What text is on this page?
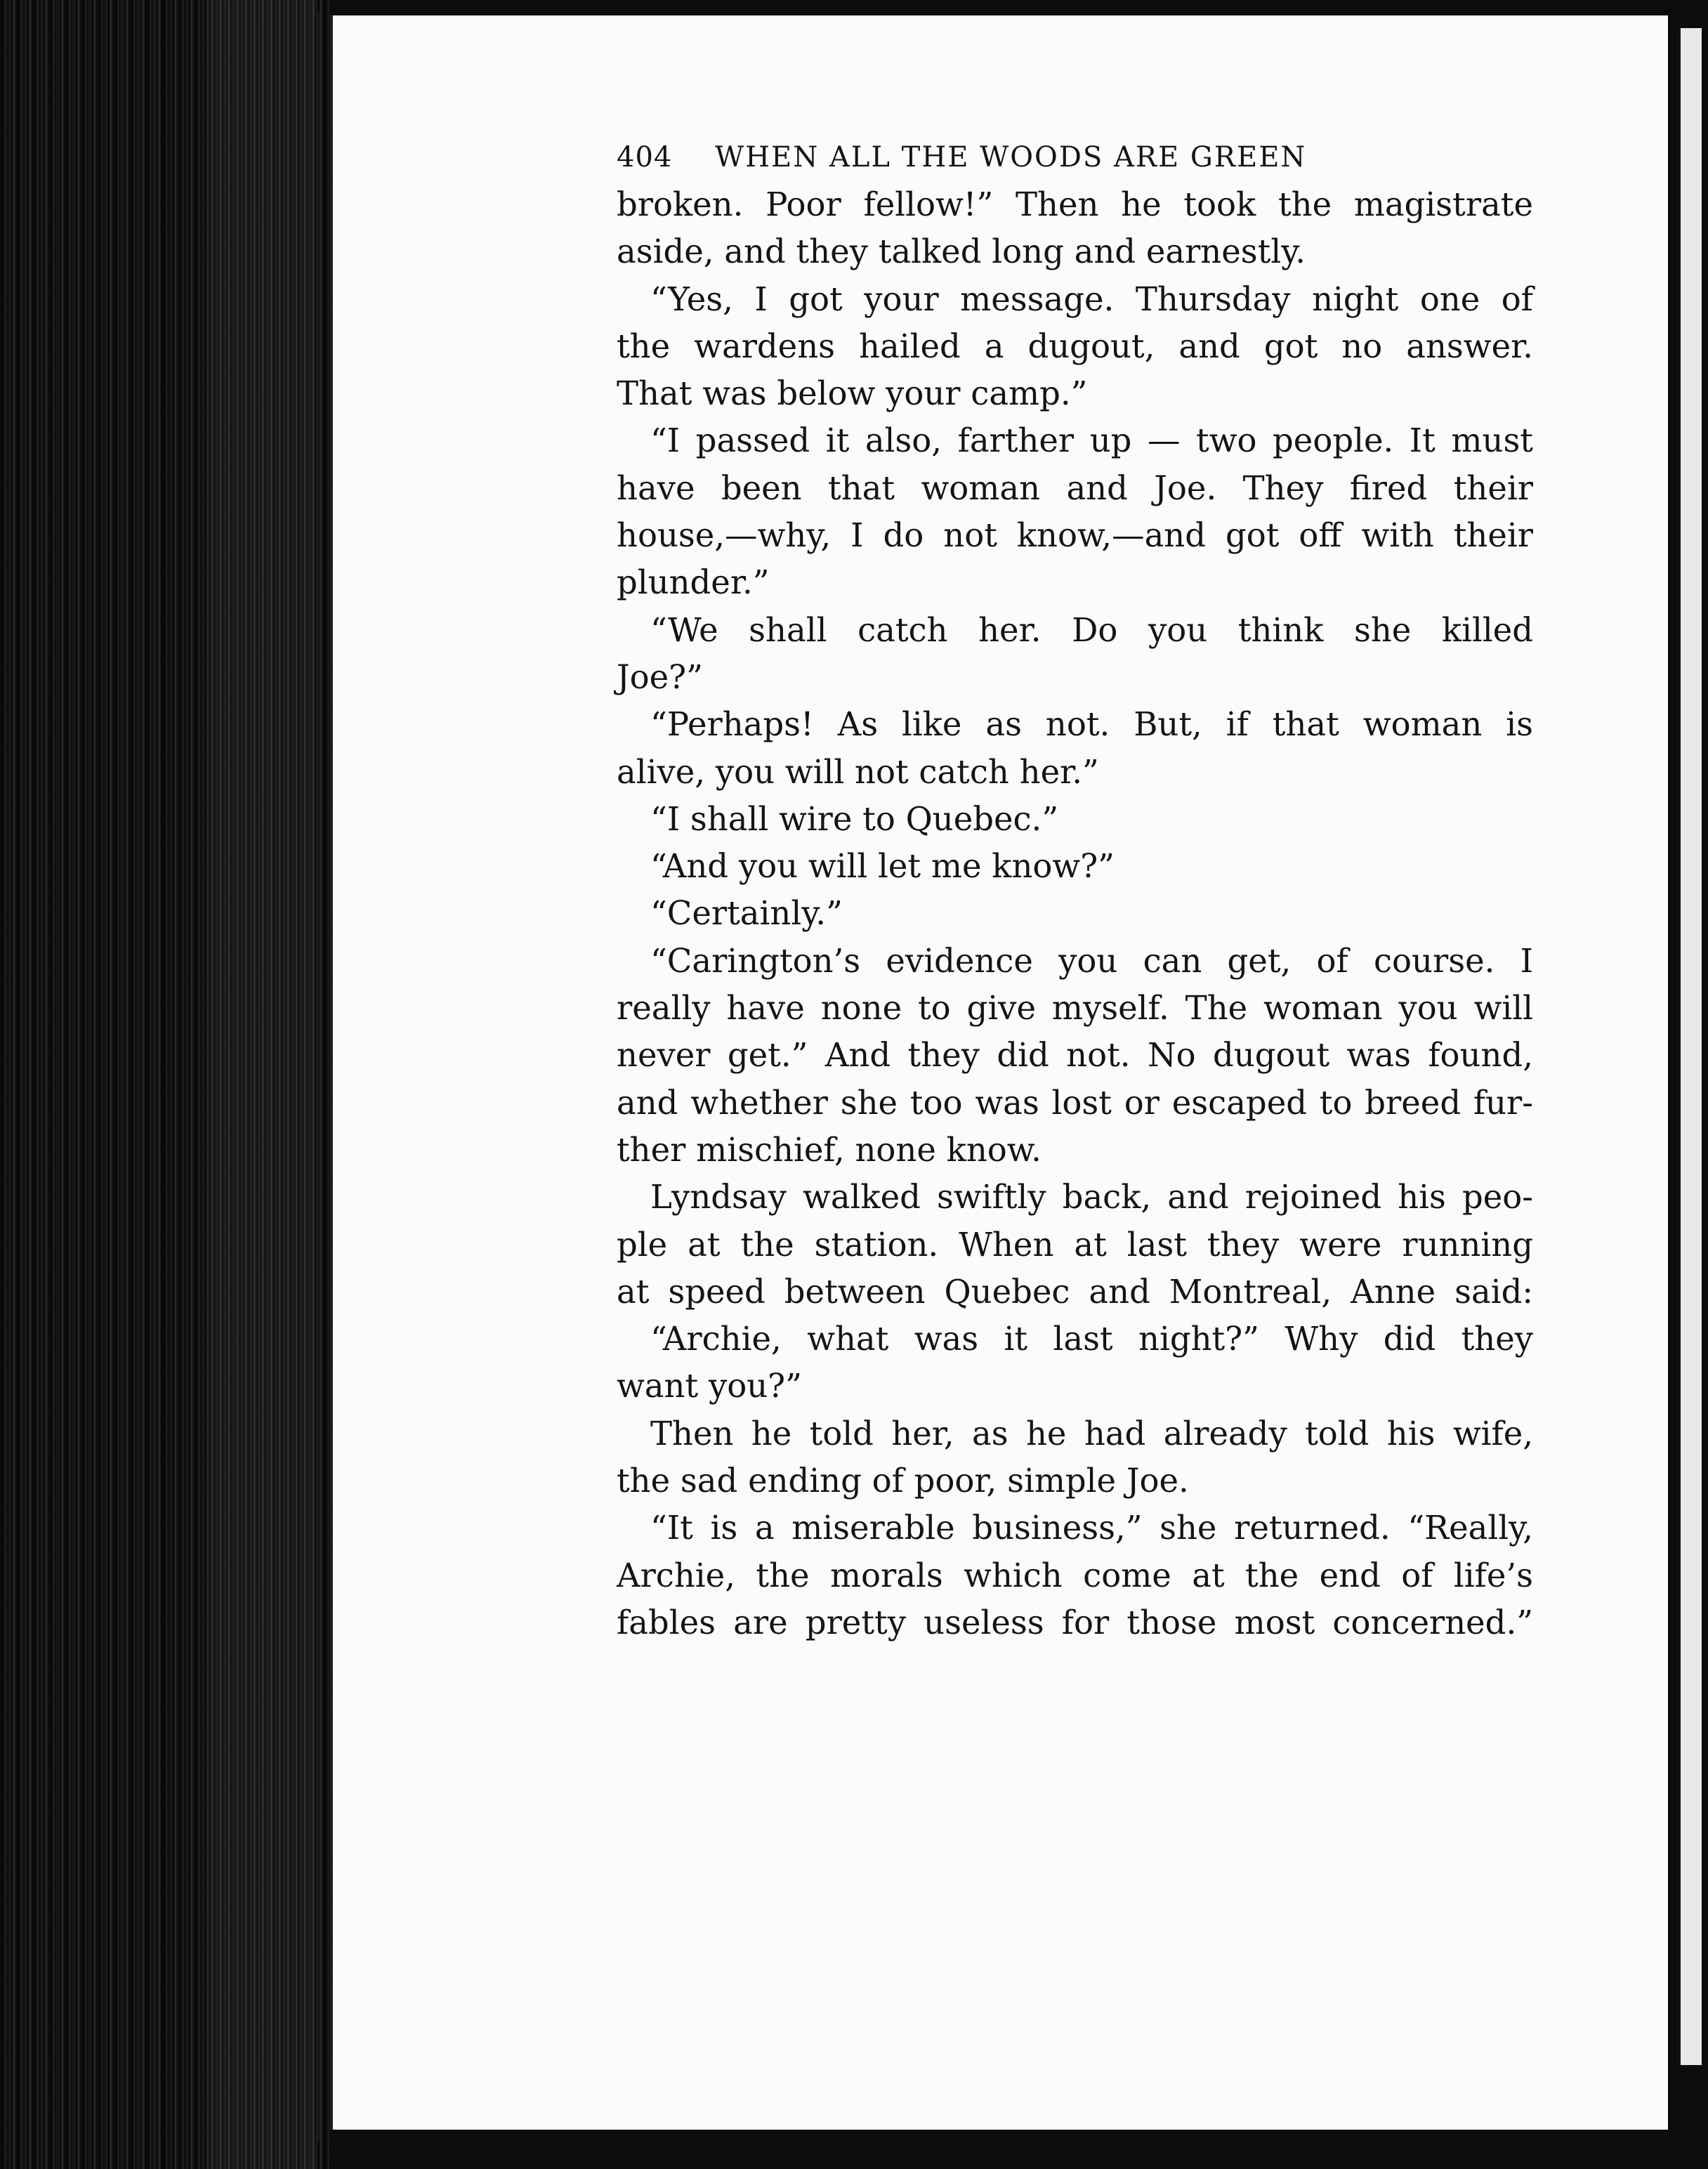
404	WHEN ALL THE WOODS ARE GREEN
broken. Poor fellow!” Then he took the magistrate
aside, and they talked long and earnestly.
“Yes, I got your message. Thursday night one of
the wardens hailed a dugout, and got no answer.
That was below your camp.”
“I passed it also, farther up — two people. It must
have been that woman and Joe. They fired their
house,—why, I do not know,—and got off with their
plunder.”
“We shall catch her. Do you think she killed
Joe?”
“Perhaps! As like as not. But, if that woman is
alive, you will not catch her.”
“I shall wire to Quebec.”
“And you will let me know?”
“Certainly.”
“Carington’s evidence you can get, of course. I
really have none to give myself. The woman you will
never get.” And they did not. No dugout was found,
and whether she too was lost or escaped to breed fur-
ther mischief, none know.
Lyndsay walked swiftly back, and rejoined his peo-
ple at the station. When at last they were running
at speed between Quebec and Montreal, Anne said:
“Archie, what was it last night?” Why did they
want you?”
Then he told her, as he had already told his wife,
the sad ending of poor, simple Joe.
“It is a miserable business,” she returned. “Really,
Archie, the morals which come at the end of life’s
fables are pretty useless for those most concerned.”
